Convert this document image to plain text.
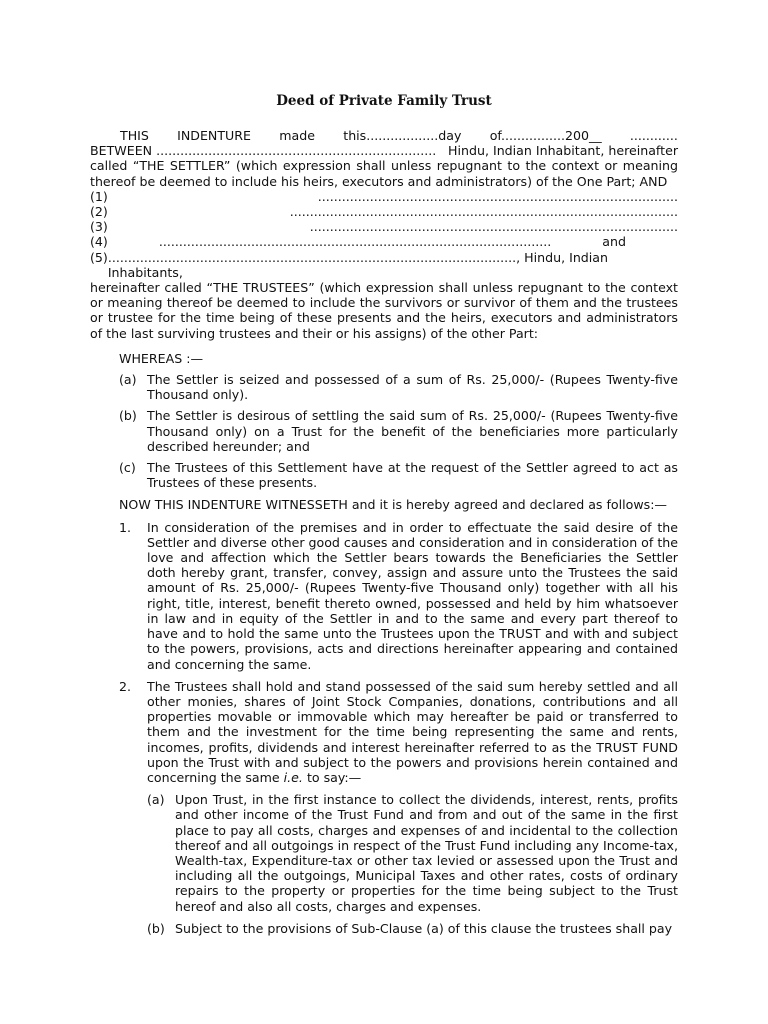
Deed of Private Family Trust
THIS INDENTURE made this..................day of................200__ ............
BETWEEN ...................................................................... Hindu, Indian Inhabitant, hereinafter

called “THE SETTLER” (which expression shall unless repugnant to the context or meaning thereof be deemed to include his heirs, executors and administrators) of the One Part; AND

(1)	..........................................................................................
(2)	.................................................................................................
(3)	............................................................................................
(4)	..................................................................................................	and
(5) ......................................................................................................, Hindu, Indian Inhabitants,

hereinafter called “THE TRUSTEES” (which expression shall unless repugnant to the context or meaning thereof be deemed to include the survivors or survivor of them and the trustees or trustee for the time being of these presents and the heirs, executors and administrators of the last surviving trustees and their or his assigns) of the other Part:

WHEREAS :—
(a) The Settler is seized and possessed of a sum of Rs. 25,000/- (Rupees Twenty-five Thousand only).
(b) The Settler is desirous of settling the said sum of Rs. 25,000/- (Rupees Twenty-five Thousand only) on a Trust for the benefit of the beneficiaries more particularly described hereunder; and
(c) The Trustees of this Settlement have at the request of the Settler agreed to act as Trustees of these presents.
NOW THIS INDENTURE WITNESSETH and it is hereby agreed and declared as follows:—
1.	In consideration of the premises and in order to effectuate the said desire of the Settler and diverse other good causes and consideration and in consideration of the love and affection which the Settler bears towards the Beneficiaries the Settler doth hereby grant, transfer, convey, assign and assure unto the Trustees the said amount of Rs. 25,000/- (Rupees Twenty-five Thousand only) together with all his right, title, interest, benefit thereto owned, possessed and held by him whatsoever in law and in equity of the Settler in and to the same and every part thereof to have and to hold the same unto the Trustees upon the TRUST and with and subject to the powers, provisions, acts and directions hereinafter appearing and contained and concerning the same.
2.	The Trustees shall hold and stand possessed of the said sum hereby settled and all other monies, shares of Joint Stock Companies, donations, contributions and all properties movable or immovable which may hereafter be paid or transferred to them and the investment for the time being representing the same and rents, incomes, profits, dividends and interest hereinafter referred to as the TRUST FUND upon the Trust with and subject to the powers and provisions herein contained and concerning the same i.e. to say:—
(a) Upon Trust, in the first instance to collect the dividends, interest, rents, profits and other income of the Trust Fund and from and out of the same in the first place to pay all costs, charges and expenses of and incidental to the collection thereof and all outgoings in respect of the Trust Fund including any Income-tax, Wealth-tax, Expenditure-tax or other tax levied or assessed upon the Trust and including all the outgoings, Municipal Taxes and other rates, costs of ordinary repairs to the property or properties for the time being subject to the Trust hereof and also all costs, charges and expenses.
(b) Subject to the provisions of Sub-Clause (a) of this clause the trustees shall pay
